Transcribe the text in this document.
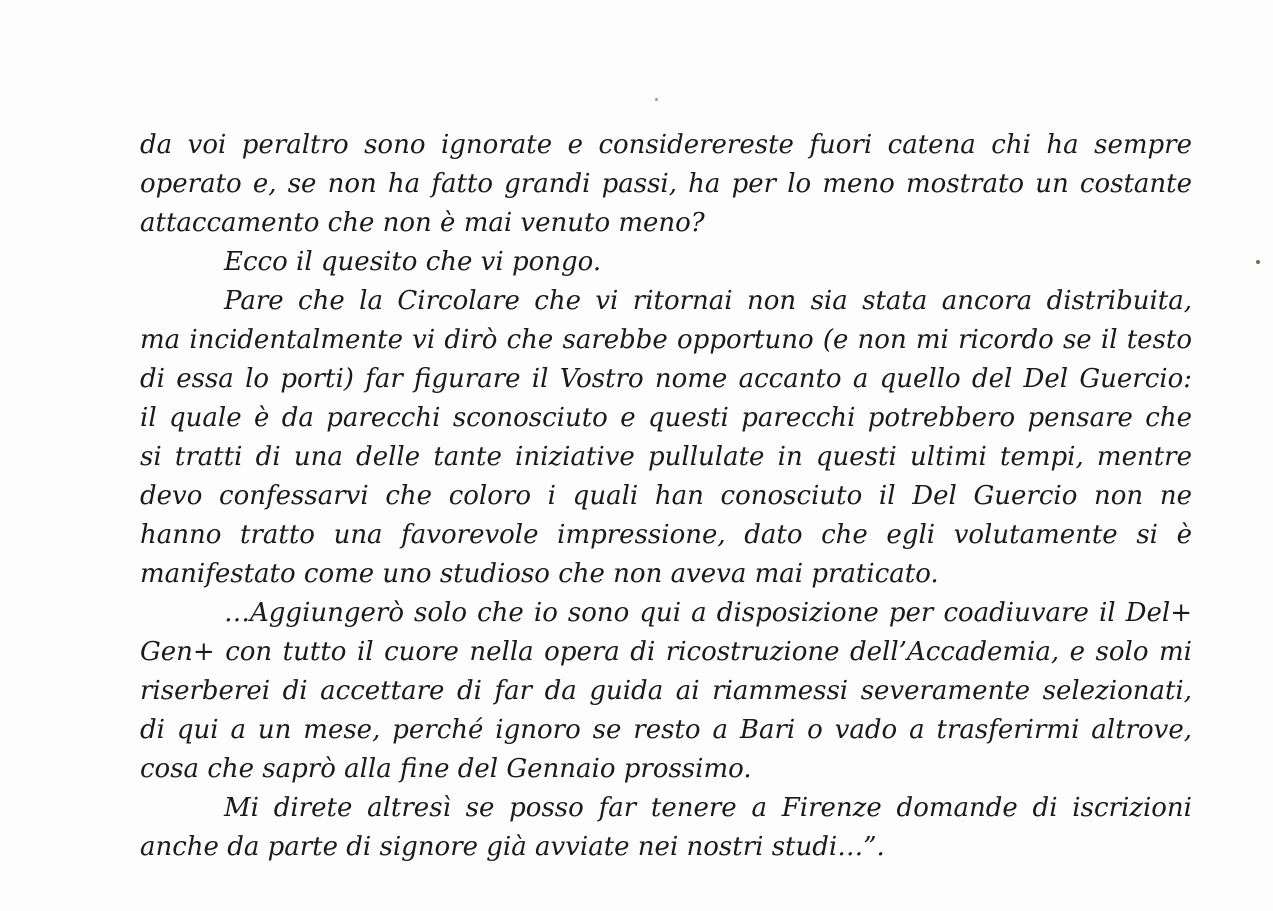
da voi peraltro sono ignorate e considerereste fuori catena chi ha sempre
operato e, se non ha fatto grandi passi, ha per lo meno mostrato un costante
attaccamento che non è mai venuto meno?
Ecco il quesito che vi pongo.
Pare che la Circolare che vi ritornai non sia stata ancora distribuita,
ma incidentalmente vi dirò che sarebbe opportuno (e non mi ricordo se il testo
di essa lo porti) far figurare il Vostro nome accanto a quello del Del Guercio:
il quale è da parecchi sconosciuto e questi parecchi potrebbero pensare che
si tratti di una delle tante iniziative pullulate in questi ultimi tempi, mentre
devo confessarvi che coloro i quali han conosciuto il Del Guercio non ne
hanno tratto una favorevole impressione, dato che egli volutamente si è
manifestato come uno studioso che non aveva mai praticato.
…Aggiungerò solo che io sono qui a disposizione per coadiuvare il Del+
Gen+ con tutto il cuore nella opera di ricostruzione dell’Accademia, e solo mi
riserberei di accettare di far da guida ai riammessi severamente selezionati,
di qui a un mese, perché ignoro se resto a Bari o vado a trasferirmi altrove,
cosa che saprò alla fine del Gennaio prossimo.
Mi direte altresì se posso far tenere a Firenze domande di iscrizioni
anche da parte di signore già avviate nei nostri studi…”.
